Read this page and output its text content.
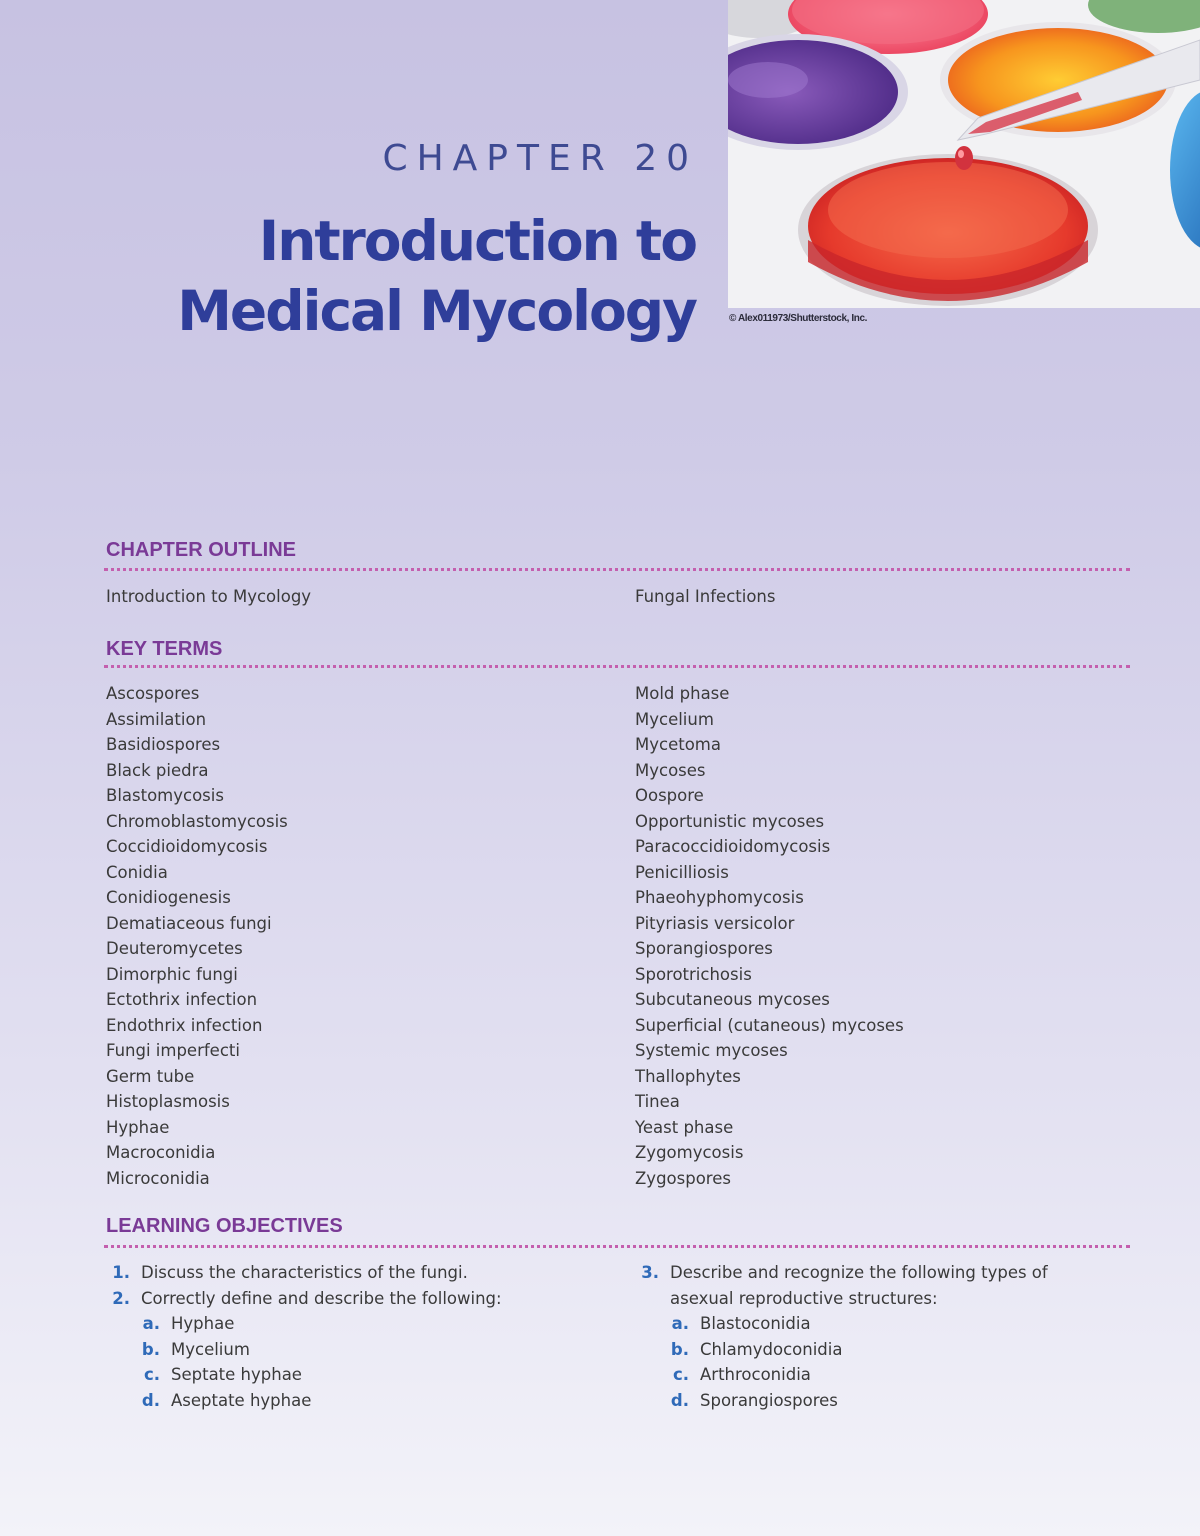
© Alex011973/Shutterstock, Inc.
CHAPTER 20
Introduction to
Medical Mycology
CHAPTER OUTLINE
Introduction to Mycology	Fungal Infections
KEY TERMS
Ascospores
Assimilation
Basidiospores
Black piedra
Blastomycosis
Chromoblastomycosis
Coccidioidomycosis
Conidia
Conidiogenesis
Dematiaceous fungi
Deuteromycetes
Dimorphic fungi
Ectothrix infection
Endothrix infection
Fungi imperfecti
Germ tube
Histoplasmosis
Hyphae
Macroconidia
Microconidia
Mold phase
Mycelium
Mycetoma
Mycoses
Oospore
Opportunistic mycoses
Paracoccidioidomycosis
Penicilliosis
Phaeohyphomycosis
Pityriasis versicolor
Sporangiospores
Sporotrichosis
Subcutaneous mycoses
Superficial (cutaneous) mycoses
Systemic mycoses
Thallophytes
Tinea
Yeast phase
Zygomycosis
Zygospores
LEARNING OBJECTIVES
1. Discuss the characteristics of the fungi.
2. Correctly define and describe the following:
a. Hyphae
b. Mycelium
c. Septate hyphae
d. Aseptate hyphae
3. Describe and recognize the following types of
asexual reproductive structures:
a. Blastoconidia
b. Chlamydoconidia
c. Arthroconidia
d. Sporangiospores
